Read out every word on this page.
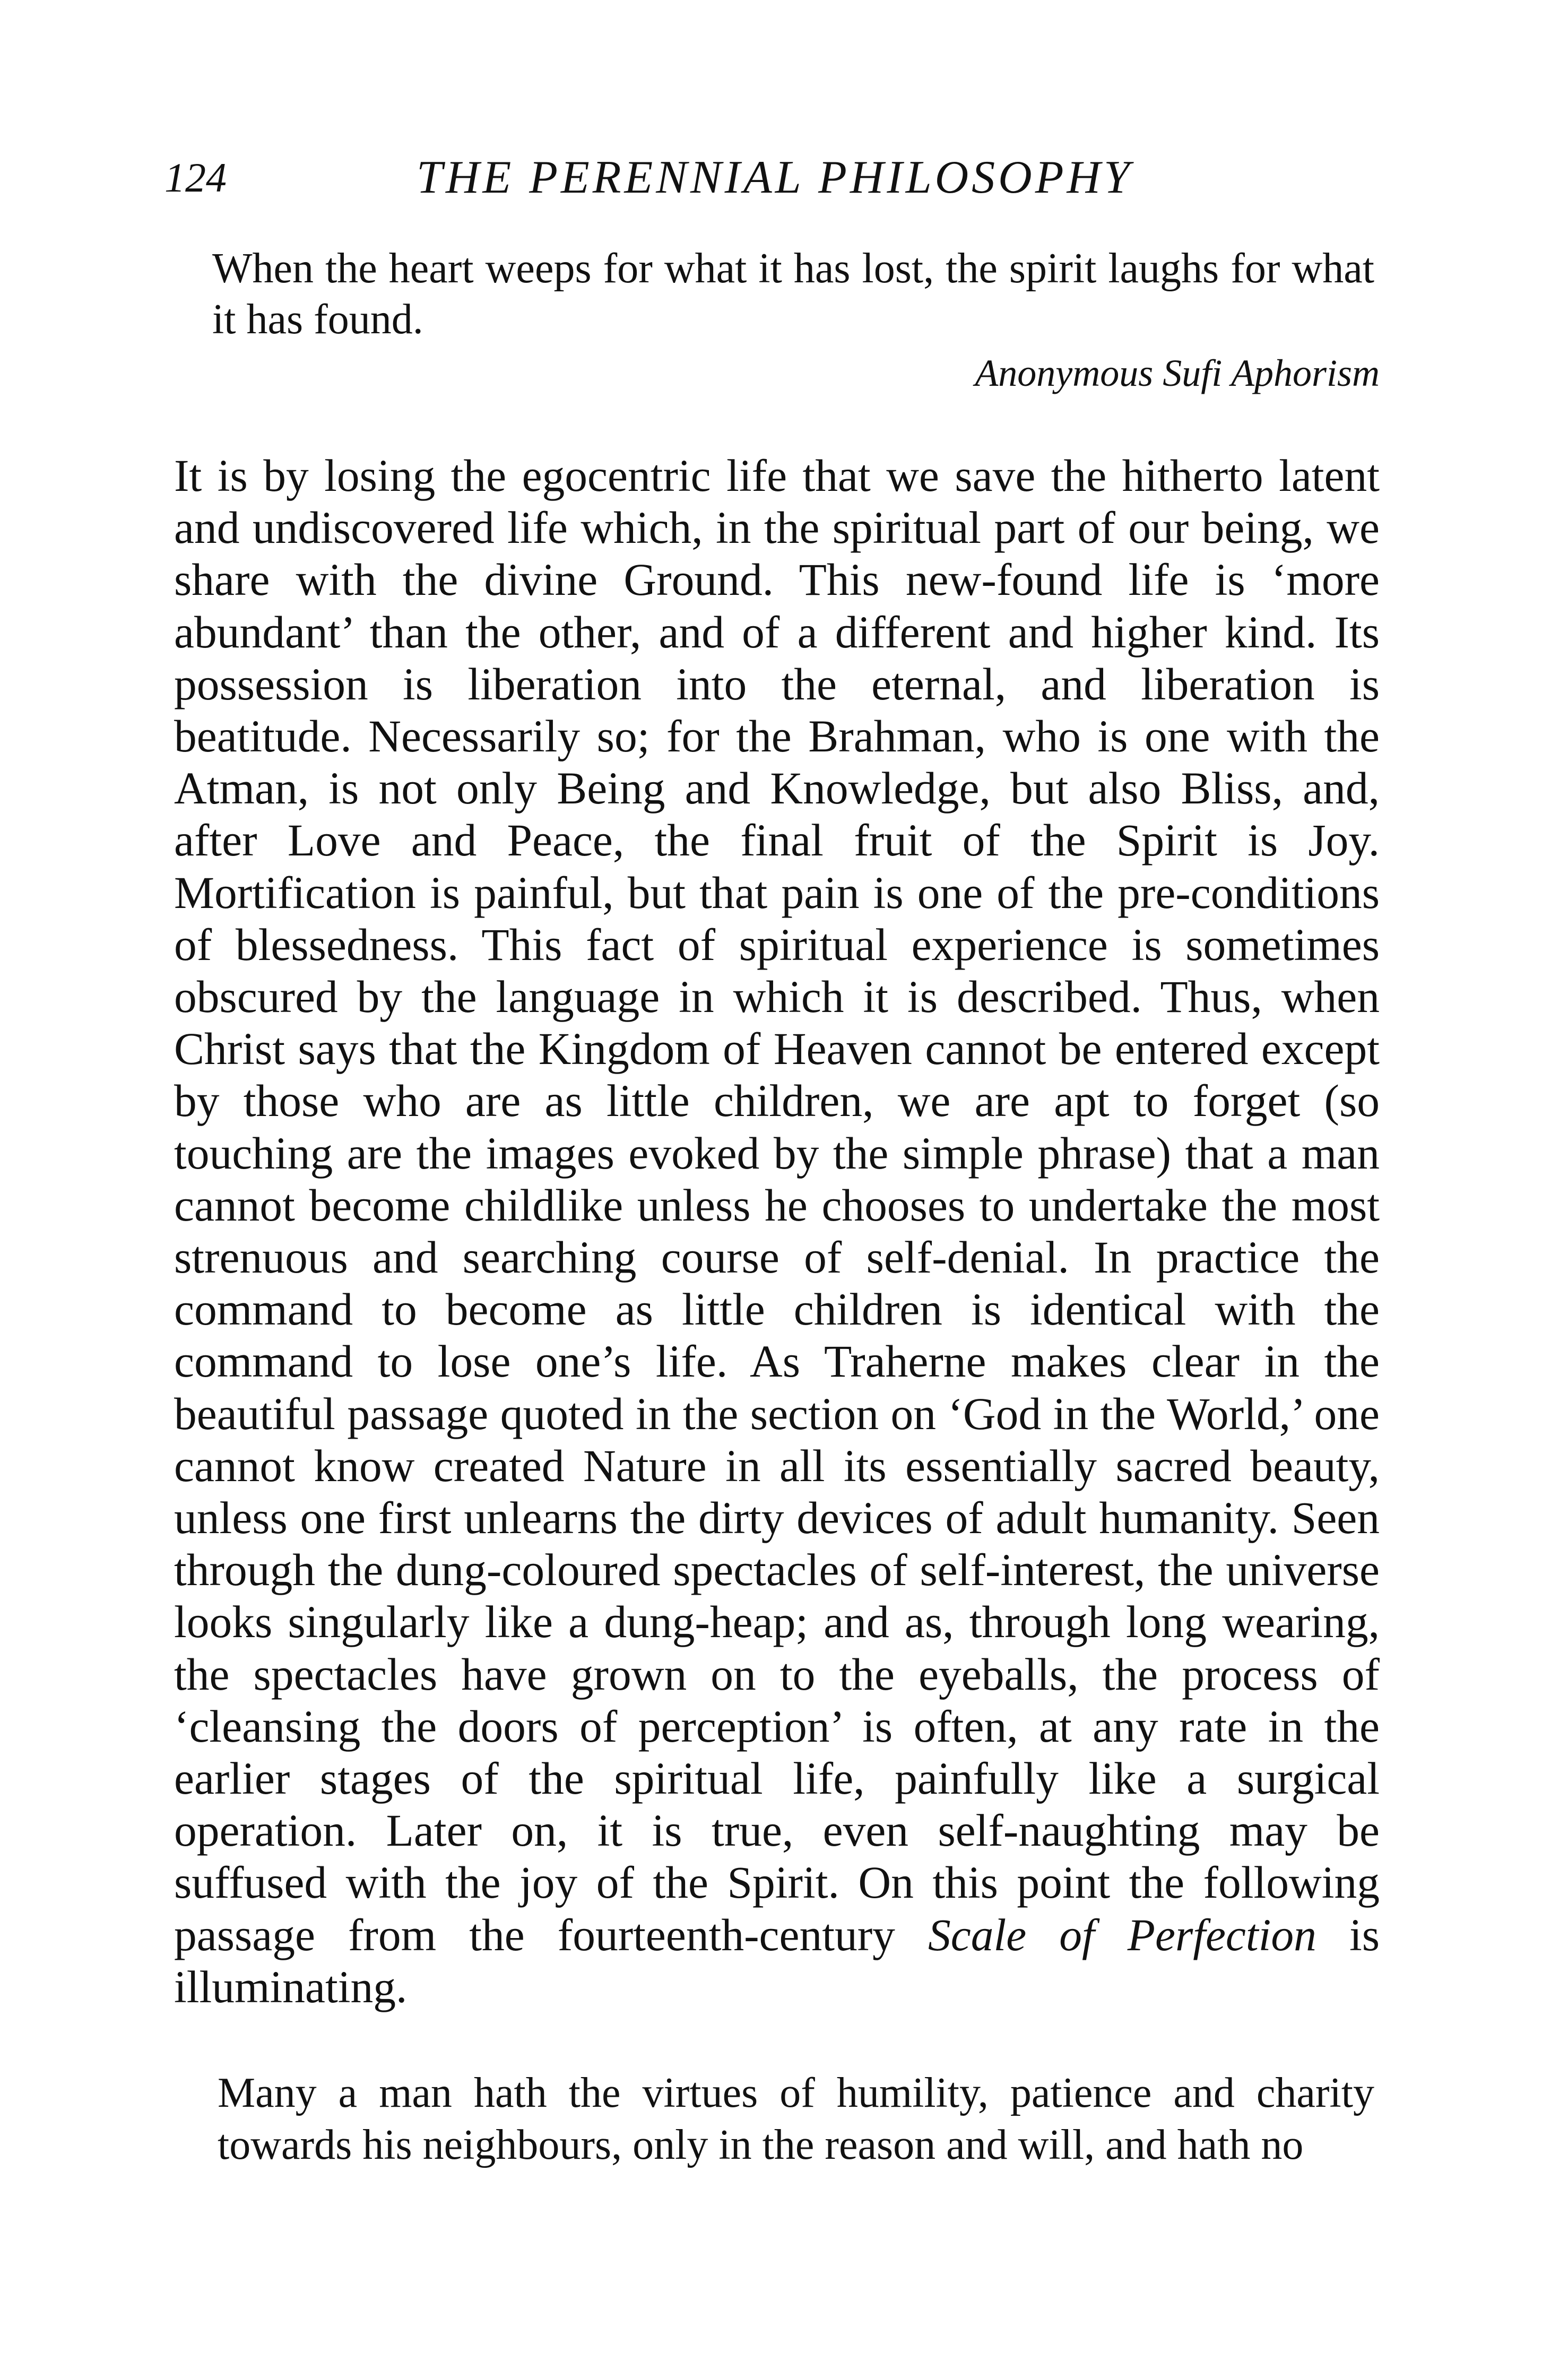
124	THE PERENNIAL PHILOSOPHY
When the heart weeps for what it has lost, the spirit laughs for what it has found.
Anonymous Sufi Aphorism

It is by losing the egocentric life that we save the hitherto latent and undiscovered life which, in the spiritual part of our being, we share with the divine Ground. This new-found life is ‘more abundant’ than the other, and of a different and higher kind. Its possession is liberation into the eternal, and liberation is beatitude. Necessarily so; for the Brahman, who is one with the Atman, is not only Being and Knowledge, but also Bliss, and, after Love and Peace, the final fruit of the Spirit is Joy. Mortification is painful, but that pain is one of the pre-conditions of blessedness. This fact of spiritual experience is sometimes obscured by the language in which it is described. Thus, when Christ says that the Kingdom of Heaven cannot be entered except by those who are as little children, we are apt to forget (so touching are the images evoked by the simple phrase) that a man cannot become childlike unless he chooses to undertake the most strenuous and searching course of self-denial. In practice the command to become as little children is identical with the command to lose one’s life. As Traherne makes clear in the beautiful passage quoted in the section on ‘God in the World,’ one cannot know created Nature in all its essentially sacred beauty, unless one first unlearns the dirty devices of adult humanity. Seen through the dung-coloured spectacles of self-interest, the universe looks singularly like a dung-heap; and as, through long wearing, the spectacles have grown on to the eyeballs, the process of ‘cleansing the doors of perception’ is often, at any rate in the earlier stages of the spiritual life, painfully like a surgical operation. Later on, it is true, even self-naughting may be suffused with the joy of the Spirit. On this point the following passage from the fourteenth-century Scale of Perfection is illuminating.

Many a man hath the virtues of humility, patience and charity towards his neighbours, only in the reason and will, and hath no
